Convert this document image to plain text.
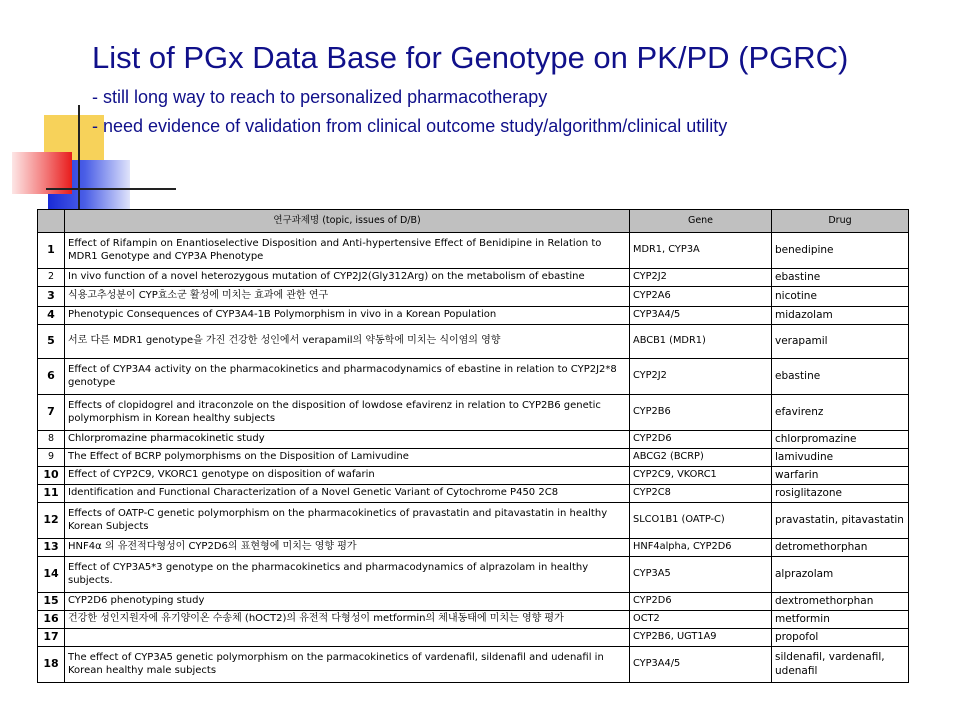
List of PGx Data Base for Genotype on PK/PD (PGRC)
- still long way to reach to personalized pharmacotherapy
- need evidence of validation from clinical outcome study/algorithm/clinical utility
	연구과제명 (topic, issues of D/B)	Gene	Drug
1	Effect of Rifampin on Enantioselective Disposition and Anti-hypertensive Effect of Benidipine in Relation to MDR1 Genotype and CYP3A Phenotype	MDR1, CYP3A	benedipine
2	In vivo function of a novel heterozygous mutation of CYP2J2(Gly312Arg) on the metabolism of ebastine	CYP2J2	ebastine
3	식용고추성분이 CYP효소군 활성에 미치는 효과에 관한 연구	CYP2A6	nicotine
4	Phenotypic Consequences of CYP3A4-1B Polymorphism in vivo in a Korean Population	CYP3A4/5	midazolam
5	서로 다른 MDR1 genotype을 가진 건강한 성인에서 verapamil의 약동학에 미치는 식이염의 영향	ABCB1 (MDR1)	verapamil
6	Effect of CYP3A4 activity on the pharmacokinetics and pharmacodynamics of ebastine in relation to CYP2J2*8 genotype	CYP2J2	ebastine
7	Effects of clopidogrel and itraconzole on the disposition of lowdose efavirenz in relation to CYP2B6 genetic polymorphism in Korean healthy subjects	CYP2B6	efavirenz
8	Chlorpromazine pharmacokinetic study	CYP2D6	chlorpromazine
9	The Effect of BCRP polymorphisms on the Disposition of Lamivudine	ABCG2 (BCRP)	lamivudine
10	Effect of CYP2C9, VKORC1 genotype on disposition of wafarin	CYP2C9, VKORC1	warfarin
11	Identification and Functional Characterization of a Novel Genetic Variant of Cytochrome P450 2C8	CYP2C8	rosiglitazone
12	Effects of OATP-C genetic polymorphism on the pharmacokinetics of pravastatin and pitavastatin in healthy Korean Subjects	SLCO1B1 (OATP-C)	pravastatin, pitavastatin
13	HNF4α 의 유전적다형성이 CYP2D6의 표현형에 미치는 영향 평가	HNF4alpha, CYP2D6	detromethorphan
14	Effect of CYP3A5*3 genotype on the pharmacokinetics and pharmacodynamics of alprazolam in healthy subjects.	CYP3A5	alprazolam
15	CYP2D6 phenotyping study	CYP2D6	dextromethorphan
16	건강한 성인지원자에 유기양이온 수송체 (hOCT2)의 유전적 다형성이 metformin의 체내동태에 미치는 영향 평가	OCT2	metformin
17		CYP2B6, UGT1A9	propofol
18	The effect of CYP3A5 genetic polymorphism on the parmacokinetics of vardenafil, sildenafil and udenafil in Korean healthy male subjects	CYP3A4/5	sildenafil, vardenafil, udenafil
